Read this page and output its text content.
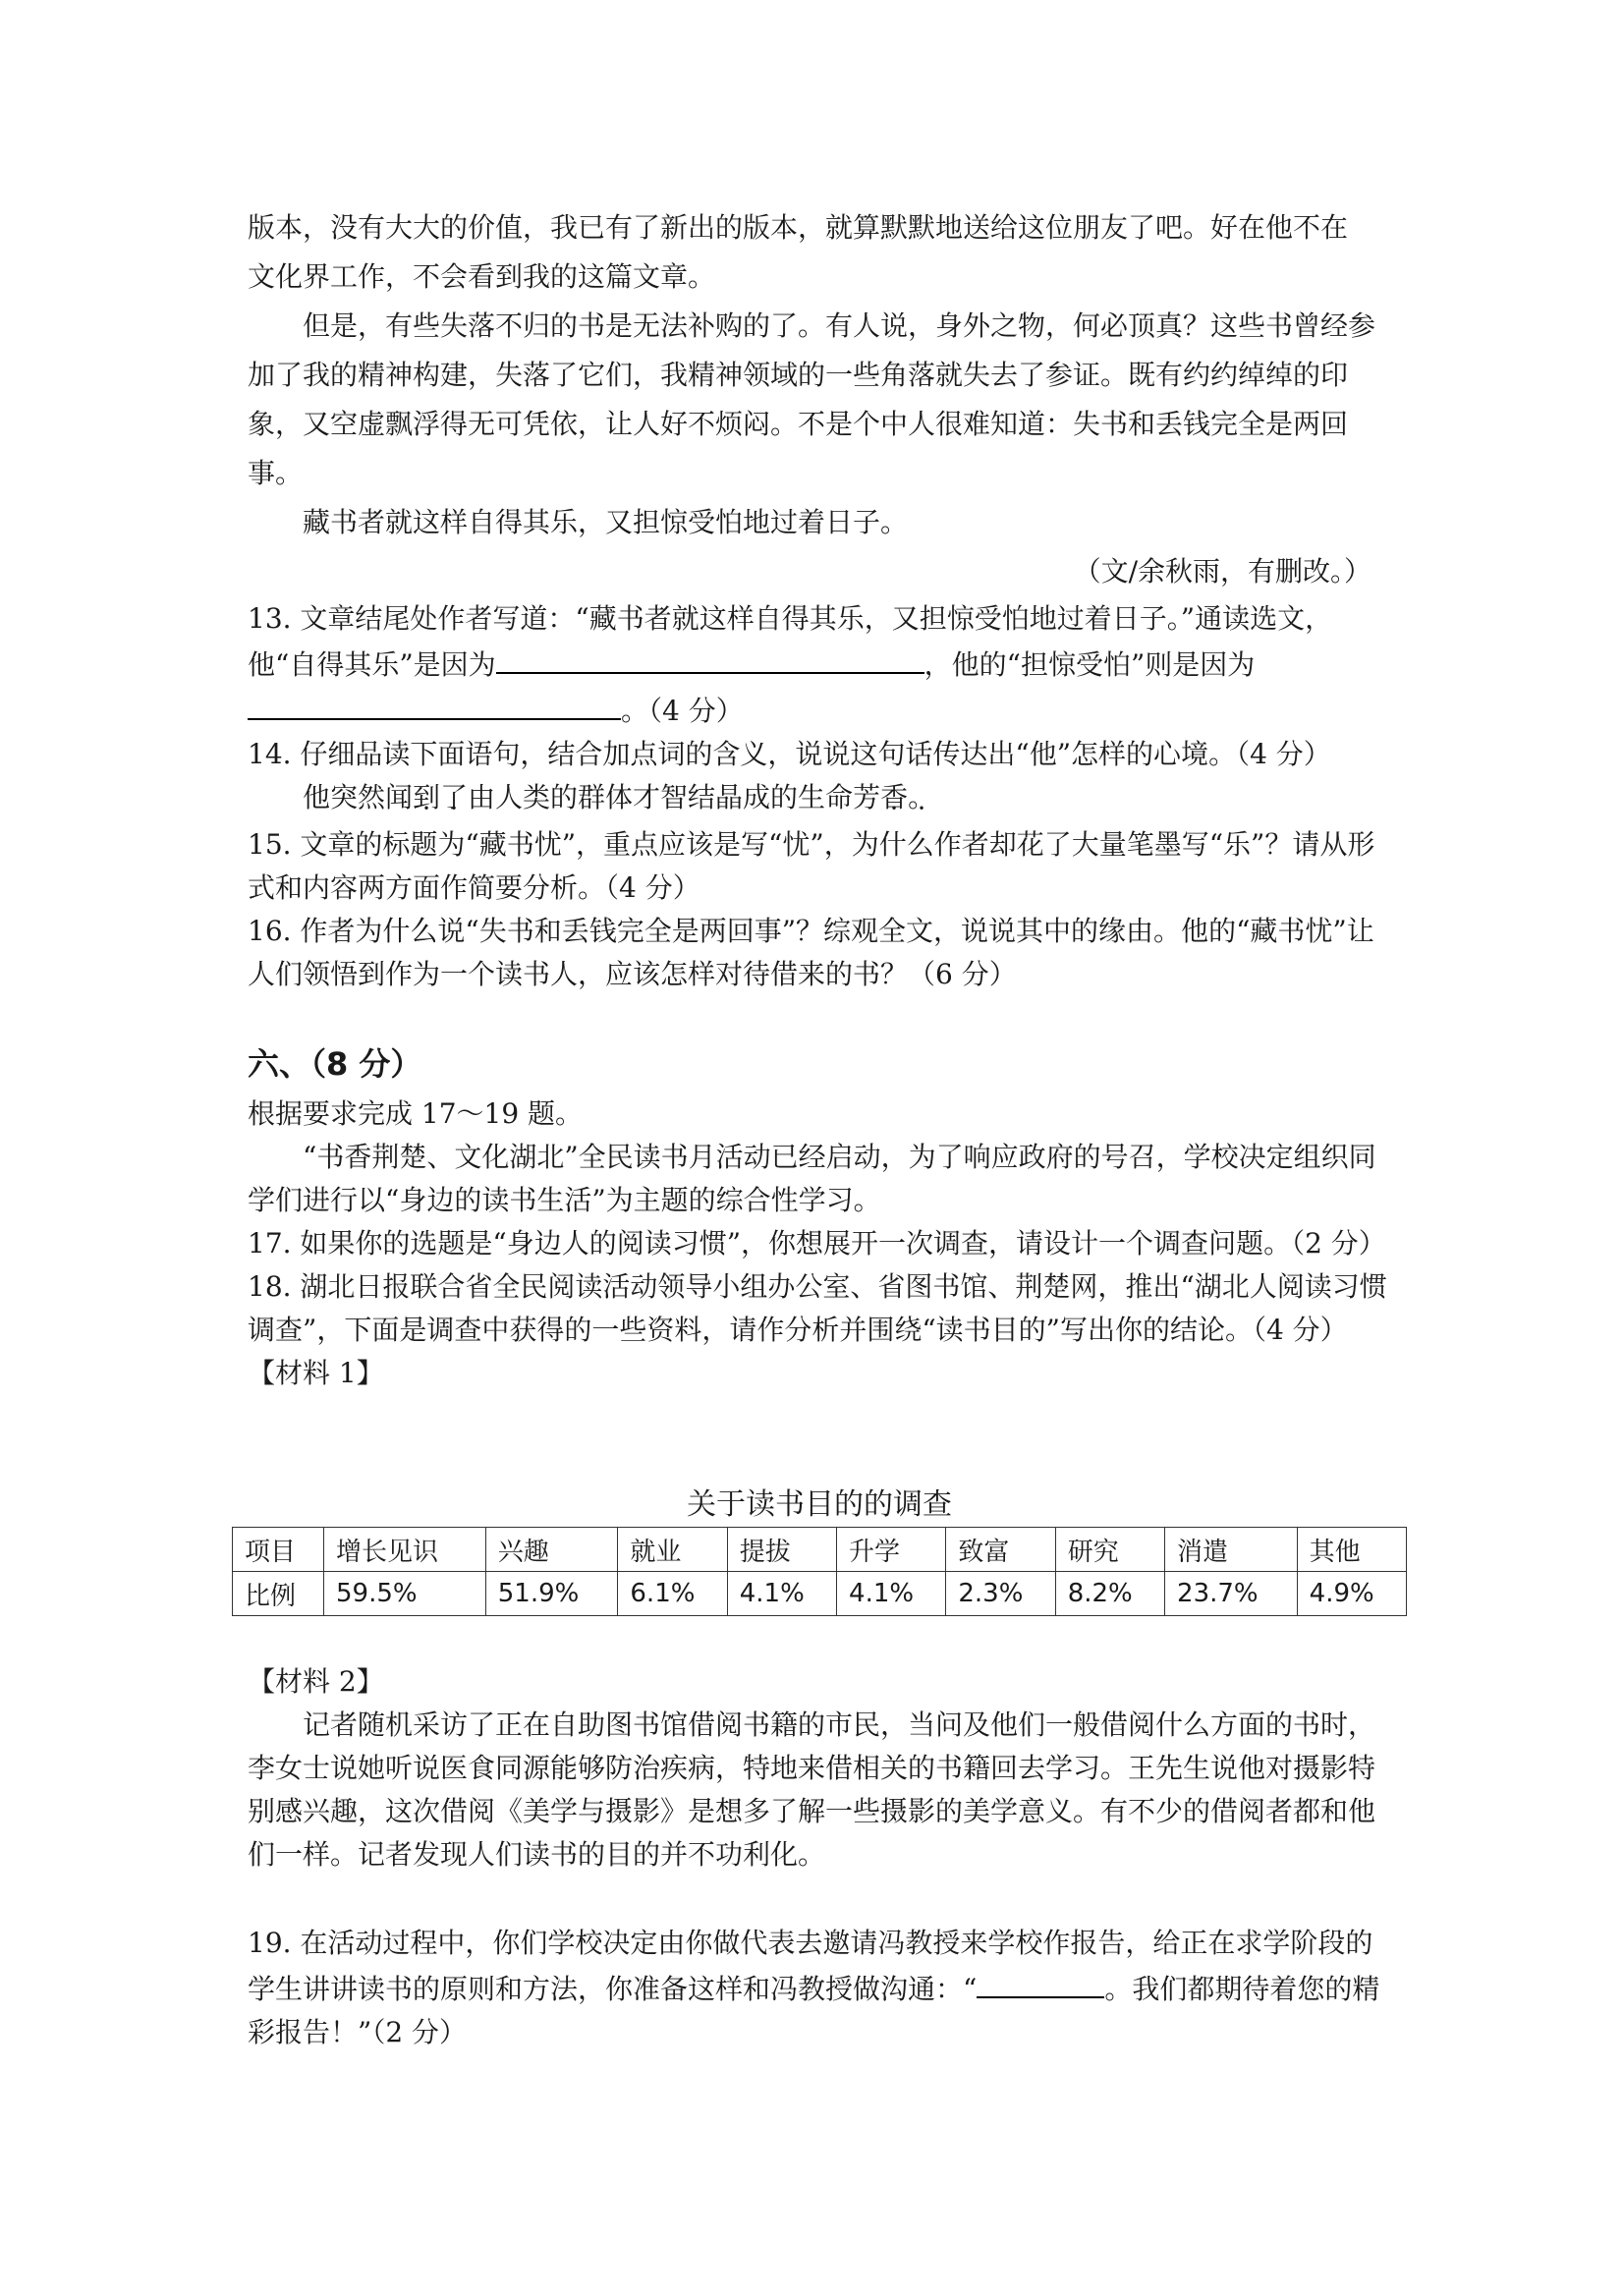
版本，没有大大的价值，我已有了新出的版本，就算默默地送给这位朋友了吧。好在他不在

文化界工作，不会看到我的这篇文章。

但是，有些失落不归的书是无法补购的了。有人说，身外之物，何必顶真？这些书曾经参加了我的精神构建，失落了它们，我精神领域的一些角落就失去了参证。既有约约绰绰的印象，又空虚飘浮得无可凭依，让人好不烦闷。不是个中人很难知道：失书和丢钱完全是两回事。

藏书者就这样自得其乐，又担惊受怕地过着日子。

（文/余秋雨，有删改。）

13. 文章结尾处作者写道：“藏书者就这样自得其乐，又担惊受怕地过着日子。”通读选文，他“自得其乐”是因为	，他的“担惊受怕”则是因为。（4 分）

14. 仔细品读下面语句，结合加点词的含义，说说这句话传达出“他”怎样的心境。（4 分）

他突然闻到了由人类的群体才智结晶成的生命芳香。

15. 文章的标题为“藏书忧”，重点应该是写“忧”，为什么作者却花了大量笔墨写“乐”？请从形式和内容两方面作简要分析。（4 分）

16. 作者为什么说“失书和丢钱完全是两回事”？综观全文，说说其中的缘由。他的“藏书忧”让人们领悟到作为一个读书人，应该怎样对待借来的书？（6 分）

六、（8 分）

根据要求完成 17～19 题。

“书香荆楚、文化湖北”全民读书月活动已经启动，为了响应政府的号召，学校决定组织同学们进行以“身边的读书生活”为主题的综合性学习。

17. 如果你的选题是“身边人的阅读习惯”，你想展开一次调查，请设计一个调查问题。（2 分）

18. 湖北日报联合省全民阅读活动领导小组办公室、省图书馆、荆楚网，推出“湖北人阅读习惯调查”，下面是调查中获得的一些资料，请作分析并围绕“读书目的”写出你的结论。（4 分）

【材料 1】

关于读书目的的调查
项目	增长见识	兴趣	就业	提拔	升学	致富	研究	消遣	其他
比例	59.5%	51.9%	6.1%	4.1%	4.1%	2.3%	8.2%	23.7%	4.9%

【材料 2】

记者随机采访了正在自助图书馆借阅书籍的市民，当问及他们一般借阅什么方面的书时，李女士说她听说医食同源能够防治疾病，特地来借相关的书籍回去学习。王先生说他对摄影特别感兴趣，这次借阅《美学与摄影》是想多了解一些摄影的美学意义。有不少的借阅者都和他们一样。记者发现人们读书的目的并不功利化。

19. 在活动过程中，你们学校决定由你做代表去邀请冯教授来学校作报告，给正在求学阶段的学生讲讲读书的原则和方法，你准备这样和冯教授做沟通：“	。我们都期待着您的精彩报告！”（2 分）
